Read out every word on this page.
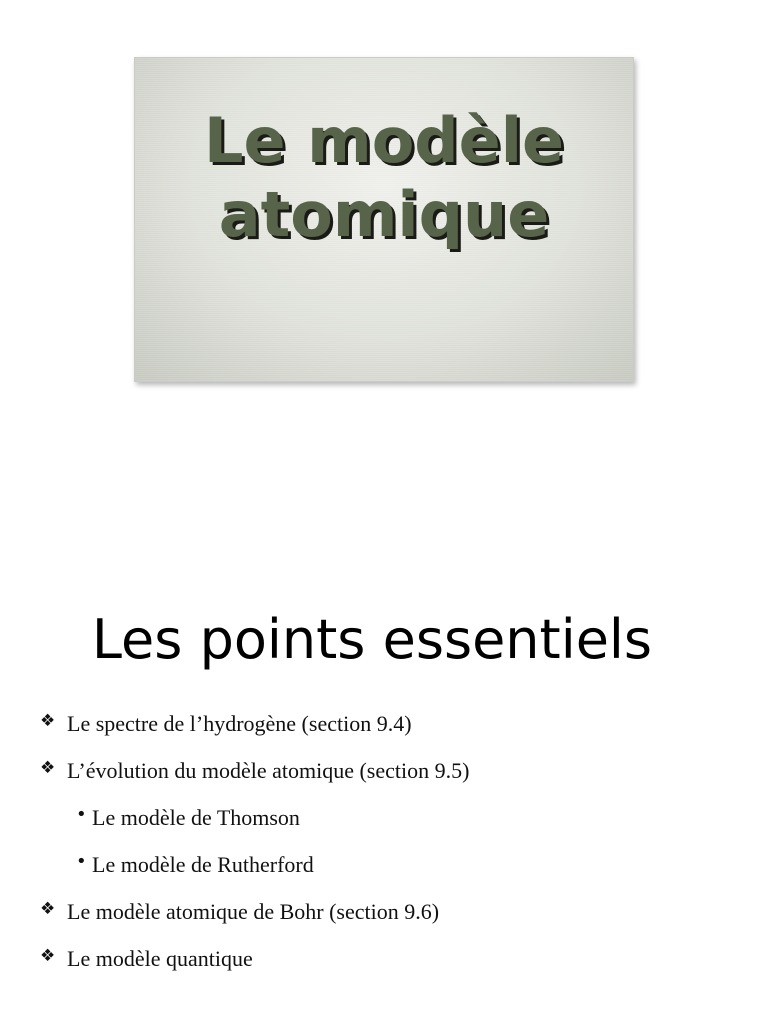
Le modèle
atomique
Les points essentiels
❖ Le spectre de l’hydrogène (section 9.4)
❖ L’évolution du modèle atomique (section 9.5)
• Le modèle de Thomson
• Le modèle de Rutherford
❖ Le modèle atomique de Bohr (section 9.6)
❖ Le modèle quantique
